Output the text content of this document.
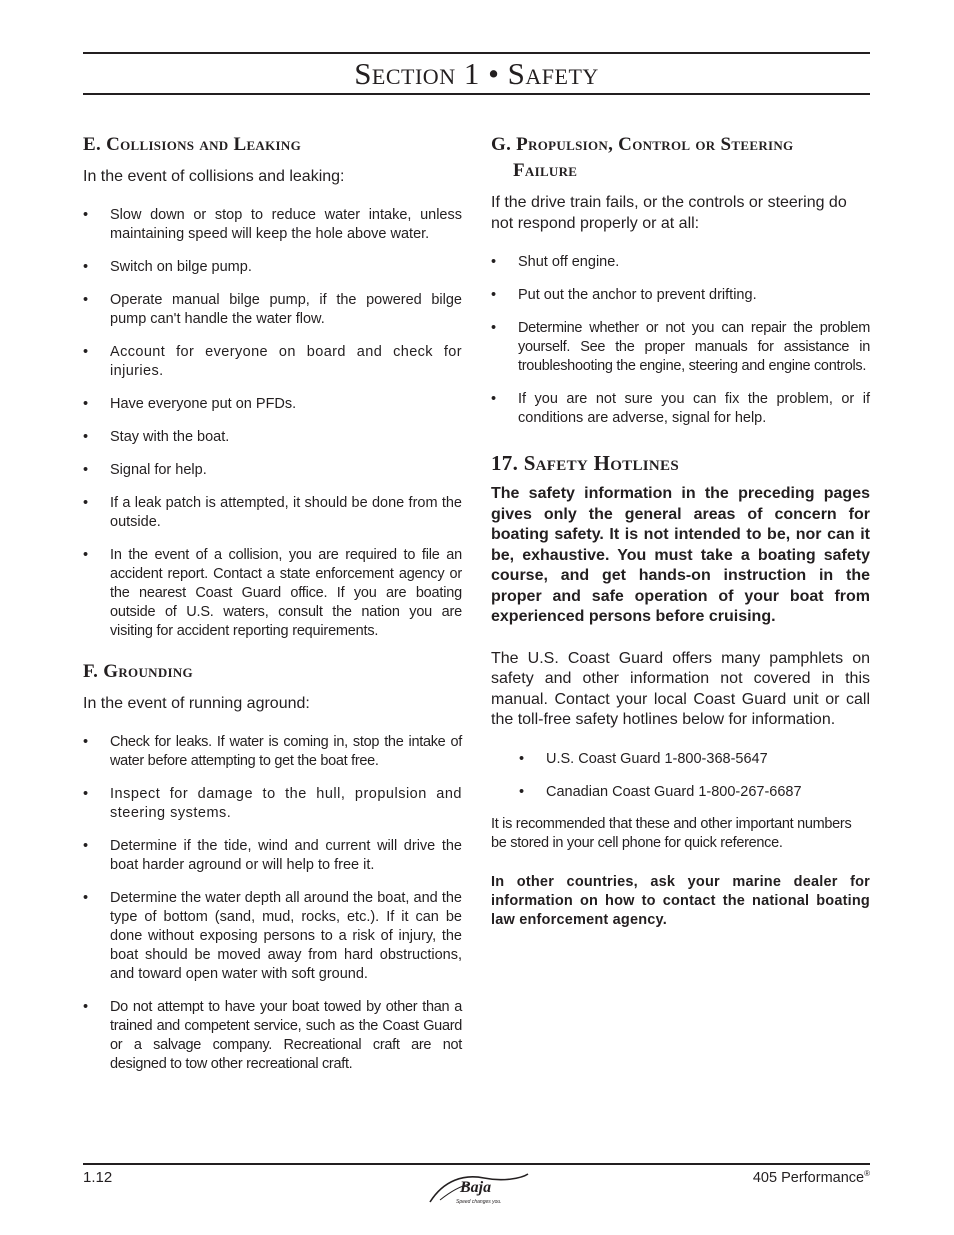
Section 1 • Safety
E. Collisions and Leaking

In the event of collisions and leaking:

• Slow down or stop to reduce water intake, unless maintaining speed will keep the hole above water.
• Switch on bilge pump.
• Operate manual bilge pump, if the powered bilge pump can't handle the water flow.
• Account for everyone on board and check for injuries.
• Have everyone put on PFDs.
• Stay with the boat.
• Signal for help.
• If a leak patch is attempted, it should be done from the outside.
• In the event of a collision, you are required to file an accident report. Contact a state enforcement agency or the nearest Coast Guard office. If you are boating outside of U.S. waters, consult the nation you are visiting for accident reporting requirements.
F. Grounding

In the event of running aground:

• Check for leaks. If water is coming in, stop the intake of water before attempting to get the boat free.
• Inspect for damage to the hull, propulsion and steering systems.
• Determine if the tide, wind and current will drive the boat harder aground or will help to free it.
• Determine the water depth all around the boat, and the type of bottom (sand, mud, rocks, etc.). If it can be done without exposing persons to a risk of injury, the boat should be moved away from hard obstructions, and toward open water with soft ground.
• Do not attempt to have your boat towed by other than a trained and competent service, such as the Coast Guard or a salvage company. Recreational craft are not designed to tow other recreational craft.
G. Propulsion, Control or Steering
Failure

If the drive train fails, or the controls or steering do not respond properly or at all:

• Shut off engine.
• Put out the anchor to prevent drifting.
• Determine whether or not you can repair the problem yourself. See the proper manuals for assistance in troubleshooting the engine, steering and engine controls.
• If you are not sure you can fix the problem, or if conditions are adverse, signal for help.
17. Safety Hotlines

The safety information in the preceding pages gives only the general areas of concern for boating safety. It is not intended to be, nor can it be, exhaustive. You must take a boating safety course, and get hands-on instruction in the proper and safe operation of your boat from experienced persons before cruising.

The U.S. Coast Guard offers many pamphlets on safety and other information not covered in this manual. Contact your local Coast Guard unit or call the toll-free safety hotlines below for information.

• U.S. Coast Guard 1-800-368-5647
• Canadian Coast Guard 1-800-267-6687

It is recommended that these and other important numbers be stored in your cell phone for quick reference.

In other countries, ask your marine dealer for information on how to contact the national boating law enforcement agency.

1.12
Baja
Speed changes you.
405 Performance®
